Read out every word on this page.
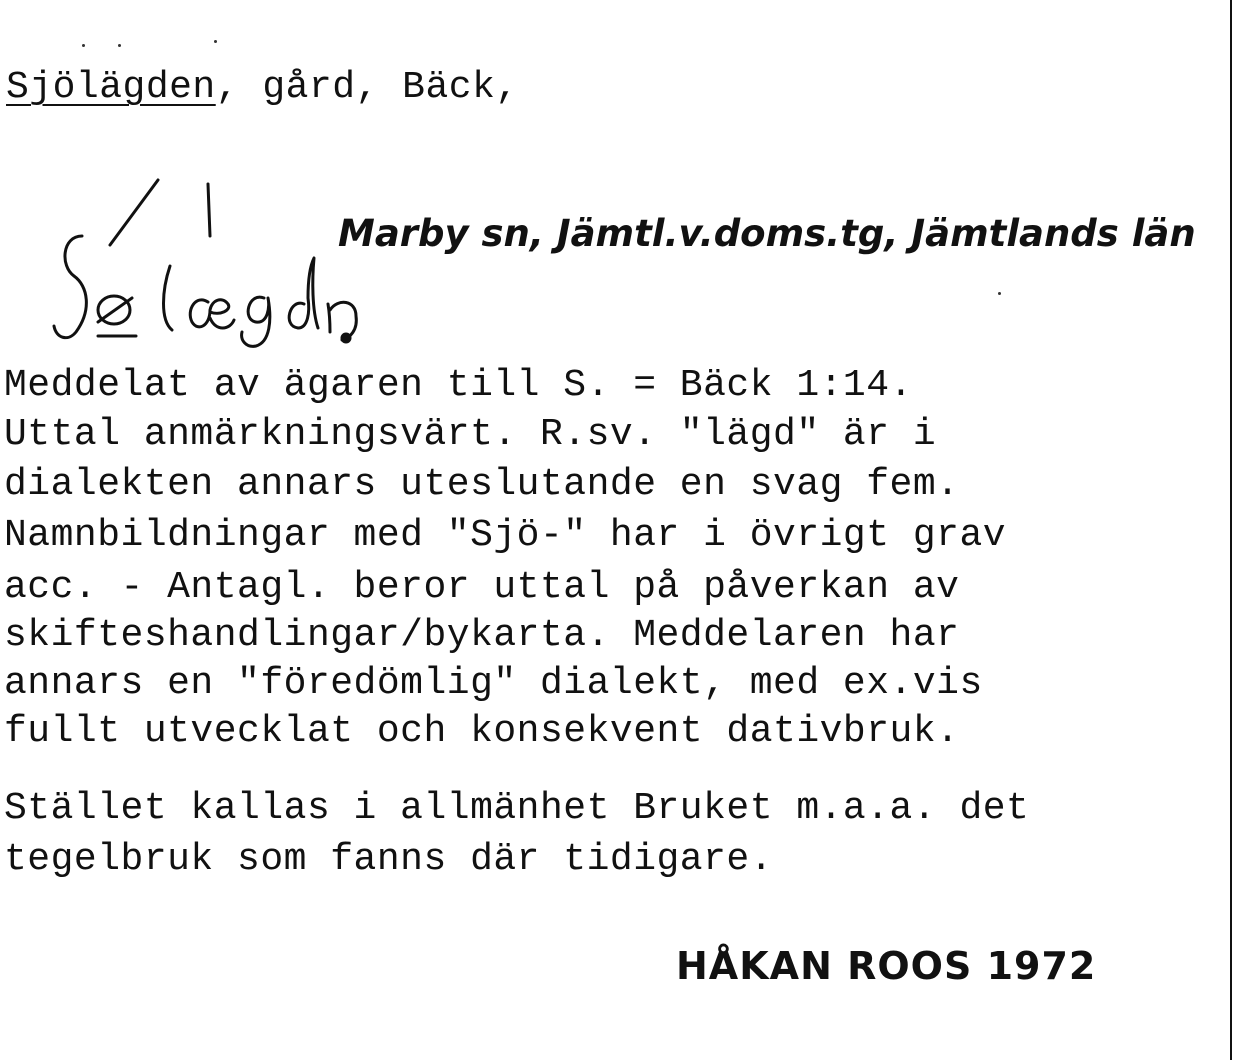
Sjölägden, gård, Bäck,
Marby sn, Jämtl.v.doms.tg, Jämtlands län
Meddelat av ägaren till S. = Bäck 1:14.
Uttal anmärkningsvärt. R.sv. "lägd" är i
dialekten annars uteslutande en svag fem.
Namnbildningar med "Sjö-" har i övrigt grav
acc. - Antagl. beror uttal på påverkan av
skifteshandlingar/bykarta. Meddelaren har
annars en "föredömlig" dialekt, med ex.vis
fullt utvecklat och konsekvent dativbruk.
Stället kallas i allmänhet Bruket m.a.a. det
tegelbruk som fanns där tidigare.
HÅKAN ROOS 1972
